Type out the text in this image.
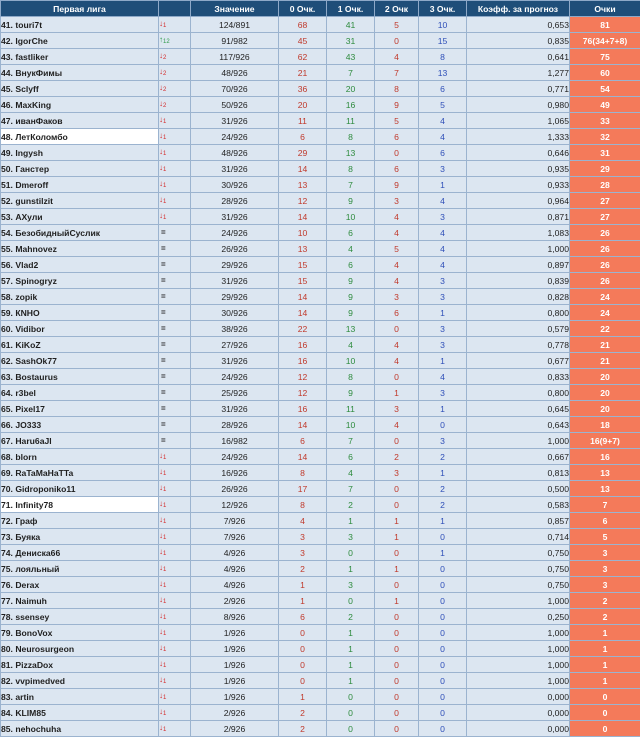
Первая лига		Значение	0 Очк.	1 Очк.	2 Очк	3 Очк.	Коэфф. за прогноз	Очки
41. touri7t	$↓_1$	124/891	68	41	5	10	0,653	81
42. IgorChe	$↑_{12}$	91/982	45	31	0	15	0,835	76(34+7+8)
43. fastliker	$↓_2$	117/926	62	43	4	8	0,641	75
44. ВнукФимы	$↓_2$	48/926	21	7	7	13	1,277	60
45. Sclyff	$↓_2$	70/926	36	20	8	6	0,771	54
46. MaxKing	$↓_2$	50/926	20	16	9	5	0,980	49
47. иванФаков	$↓_1$	31/926	11	11	5	4	1,065	33
48. ЛетКоломбо	$↓_1$	24/926	6	8	6	4	1,333	32
49. Ingysh	$↓_1$	48/926	29	13	0	6	0,646	31
50. Ганстер	$↓_1$	31/926	14	8	6	3	0,935	29
51. Dmeroff	$↓_1$	30/926	13	7	9	1	0,933	28
52. gunstilzit	$↓_1$	28/926	12	9	3	4	0,964	27
53. АХули	$↓_1$	31/926	14	10	4	3	0,871	27
54. БезобидныйСуслик	=	24/926	10	6	4	4	1,083	26
55. Mahnovez	=	26/926	13	4	5	4	1,000	26
56. Vlad2	=	29/926	15	6	4	4	0,897	26
57. Spinogryz	=	31/926	15	9	4	3	0,839	26
58. zopik	=	29/926	14	9	3	3	0,828	24
59. КNHO	=	30/926	14	9	6	1	0,800	24
60. Vidibor	=	38/926	22	13	0	3	0,579	22
61. KiKoZ	=	27/926	16	4	4	3	0,778	21
62. SashOk77	=	31/926	16	10	4	1	0,677	21
63. Bostaurus	=	24/926	12	8	0	4	0,833	20
64. r3bel	=	25/926	12	9	1	3	0,800	20
65. Pixel17	=	31/926	16	11	3	1	0,645	20
66. JO333	=	28/926	14	10	4	0	0,643	18
67. Haru6aJl	=	16/982	6	7	0	3	1,000	16(9+7)
68. blorn	$↓_1$	24/926	14	6	2	2	0,667	16
69. RaTaMaHaTTa	$↓_1$	16/926	8	4	3	1	0,813	13
70. Gidroponiko11	$↓_1$	26/926	17	7	0	2	0,500	13
71. Infinity78	$↓_1$	12/926	8	2	0	2	0,583	7
72. Граф	$↓_1$	7/926	4	1	1	1	0,857	6
73. Буяка	$↓_1$	7/926	3	3	1	0	0,714	5
74. Дениска66	$↓_1$	4/926	3	0	0	1	0,750	3
75. лояльный	$↓_1$	4/926	2	1	1	0	0,750	3
76. Derax	$↓_1$	4/926	1	3	0	0	0,750	3
77. Naimuh	$↓_1$	2/926	1	0	1	0	1,000	2
78. ssensey	$↓_1$	8/926	6	2	0	0	0,250	2
79. BonoVox	$↓_1$	1/926	0	1	0	0	1,000	1
80. Neurosurgeon	$↓_1$	1/926	0	1	0	0	1,000	1
81. PizzaDox	$↓_1$	1/926	0	1	0	0	1,000	1
82. vvpimedved	$↓_1$	1/926	0	1	0	0	1,000	1
83. artin	$↓_1$	1/926	1	0	0	0	0,000	0
84. KLIM85	$↓_1$	2/926	2	0	0	0	0,000	0
85. nehochuha	$↓_1$	2/926	2	0	0	0	0,000	0
